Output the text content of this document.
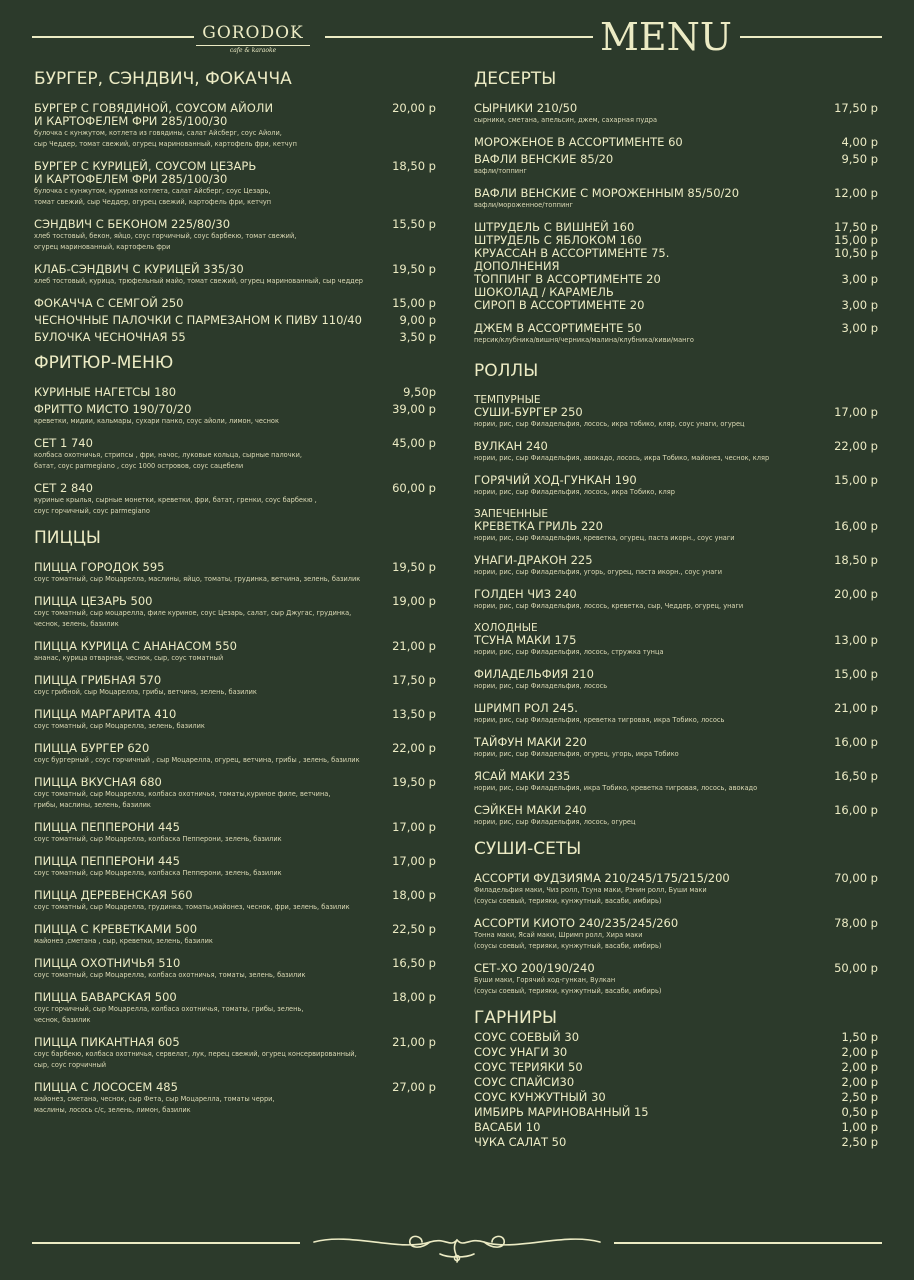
GORODOK
cafe & karaoke	MENU
БУРГЕР, СЭНДВИЧ, ФОКАЧЧА
БУРГЕР С ГОВЯДИНОЙ, СОУСОМ АЙОЛИ
И КАРТОФЕЛЕМ ФРИ 285/100/30
20,00 р
булочка с кунжутом, котлета из говядины, салат Айсберг, соус Айоли,
сыр Чеддер, томат свежий, огурец маринованный, картофель фри, кетчуп
БУРГЕР С КУРИЦЕЙ, СОУСОМ ЦЕЗАРЬ
И КАРТОФЕЛЕМ ФРИ 285/100/30
18,50 р
булочка с кунжутом, куриная котлета, салат Айсберг, соус Цезарь,
томат свежий, сыр Чеддер, огурец свежий, картофель фри, кетчуп
СЭНДВИЧ С БЕКОНОМ 225/80/30	15,50 р
хлеб тостовый, бекон, яйцо, соус горчичный, соус барбекю, томат свежий,
огурец маринованный, картофель фри
КЛАБ-СЭНДВИЧ С КУРИЦЕЙ 335/30	19,50 р
хлеб тостовый, курица, трюфельный майо, томат свежий, огурец маринованный, сыр чеддер
ФОКАЧЧА С СЕМГОЙ 250	15,00 р
ЧЕСНОЧНЫЕ ПАЛОЧКИ С ПАРМЕЗАНОМ К ПИВУ 110/40	9,00 р
БУЛОЧКА ЧЕСНОЧНАЯ 55	3,50 р
ФРИТЮР-МЕНЮ
КУРИНЫЕ НАГЕТСЫ 180	9,50р
ФРИТТО МИСТО 190/70/20	39,00 р
креветки, мидии, кальмары, сухари панко, соус айоли, лимон, чеснок
СЕТ 1 740	45,00 р
колбаса охотничья, стрипсы , фри, начос, луковые кольца, сырные палочки,
батат, соус parmegiano , соус 1000 островов, соус сацебели
СЕТ 2 840	60,00 р
куриные крылья, сырные монетки, креветки, фри, батат, гренки, соус барбекю ,
соус горчичный, соус parmegiano
ПИЦЦЫ
ПИЦЦА ГОРОДОК 595	19,50 р
соус томатный, сыр Моцарелла, маслины, яйцо, томаты, грудинка, ветчина, зелень, базилик
ПИЦЦА ЦЕЗАРЬ 500	19,00 р
соус томатный, сыр моцарелла, филе куриное, соус Цезарь, салат, сыр Джугас, грудинка,
чеснок, зелень, базилик
ПИЦЦА КУРИЦА С АНАНАСОМ 550	21,00 р
ананас, курица отварная, чеснок, сыр, соус томатный
ПИЦЦА ГРИБНАЯ 570	17,50 р
соус грибной, сыр Моцарелла, грибы, ветчина, зелень, базилик
ПИЦЦА МАРГАРИТА 410	13,50 р
соус томатный, сыр Моцарелла, зелень, базилик
ПИЦЦА БУРГЕР 620	22,00 р
соус бургерный , соус горчичный , сыр Моцарелла, огурец, ветчина, грибы , зелень, базилик
ПИЦЦА ВКУСНАЯ 680	19,50 р
соус томатный, сыр Моцарелла, колбаса охотничья, томаты,куриное филе, ветчина,
грибы, маслины, зелень, базилик
ПИЦЦА ПЕППЕРОНИ 445	17,00 р
соус томатный, сыр Моцарелла, колбаска Пепперони, зелень, базилик
ПИЦЦА ПЕППЕРОНИ 445	17,00 р
соус томатный, сыр Моцарелла, колбаска Пепперони, зелень, базилик
ПИЦЦА ДЕРЕВЕНСКАЯ 560	18,00 р
соус томатный, сыр Моцарелла, грудинка, томаты,майонез, чеснок, фри, зелень, базилик
ПИЦЦА С КРЕВЕТКАМИ 500	22,50 р
майонез ,сметана , сыр, креветки, зелень, базилик
ПИЦЦА ОХОТНИЧЬЯ 510	16,50 р
соус томатный, сыр Моцарелла, колбаса охотничья, томаты, зелень, базилик
ПИЦЦА БАВАРСКАЯ 500	18,00 р
соус горчичный, сыр Моцарелла, колбаса охотничья, томаты, грибы, зелень,
чеснок, базилик
ПИЦЦА ПИКАНТНАЯ 605	21,00 р
соус барбекю, колбаса охотничья, сервелат, лук, перец свежий, огурец консервированный,
сыр, соус горчичный
ПИЦЦА С ЛОСОСЕМ 485	27,00 р
майонез, сметана, чеснок, сыр Фета, сыр Моцарелла, томаты черри,
маслины, лосось с/с, зелень, лимон, базилик
ДЕСЕРТЫ
СЫРНИКИ 210/50	17,50 р
сырники, сметана, апельсин, джем, сахарная пудра
МОРОЖЕНОЕ В АССОРТИМЕНТЕ 60	4,00 р
ВАФЛИ ВЕНСКИЕ 85/20	9,50 р
вафли/топпинг
ВАФЛИ ВЕНСКИЕ С МОРОЖЕННЫМ 85/50/20	12,00 р
вафли/мороженное/топпинг
ШТРУДЕЛЬ С ВИШНЕЙ 160	17,50 р
ШТРУДЕЛЬ С ЯБЛОКОМ 160	15,00 р
КРУАССАН В АССОРТИМЕНТЕ 75.	10,50 р
ДОПОЛНЕНИЯ
ТОППИНГ В АССОРТИМЕНТЕ 20	3,00 р
ШОКОЛАД / КАРАМЕЛЬ
СИРОП В АССОРТИМЕНТЕ 20	3,00 р
ДЖЕМ В АССОРТИМЕНТЕ 50	3,00 р
персик/клубника/вишня/черника/малина/клубника/киви/манго
РОЛЛЫ
ТЕМПУРНЫЕ
СУШИ-БУРГЕР 250	17,00 р
нории, рис, сыр Филадельфия, лосось, икра тобико, кляр, соус унаги, огурец
ВУЛКАН 240	22,00 р
нории, рис, сыр Филадельфия, авокадо, лосось, икра Тобико, майонез, чеснок, кляр
ГОРЯЧИЙ ХОД-ГУНКАН 190	15,00 р
нории, рис, сыр Филадельфия, лосось, икра Тобико, кляр
ЗАПЕЧЕННЫЕ
КРЕВЕТКА ГРИЛЬ 220	16,00 р
нории, рис, сыр Филадельфия, креветка, огурец, паста икорн., соус унаги
УНАГИ-ДРАКОН 225	18,50 р
нории, рис, сыр Филадельфия, угорь, огурец, паста икорн., соус унаги
ГОЛДЕН ЧИЗ 240	20,00 р
нории, рис, сыр Филадельфия, лосось, креветка, сыр, Чеддер, огурец, унаги
ХОЛОДНЫЕ
ТСУНА МАКИ 175	13,00 р
нории, рис, сыр Филадельфия, лосось, стружка тунца
ФИЛАДЕЛЬФИЯ 210	15,00 р
нории, рис, сыр Филадельфия, лосось
ШРИМП РОЛ 245.	21,00 р
нории, рис, сыр Филадельфия, креветка тигровая, икра Тобико, лосось
ТАЙФУН МАКИ 220	16,00 р
нории, рис, сыр Филадельфия, огурец, угорь, икра Тобико
ЯСАЙ МАКИ 235	16,50 р
нории, рис, сыр Филадельфия, икра Тобико, креветка тигровая, лосось, авокадо
СЭЙКЕН МАКИ 240	16,00 р
нории, рис, сыр Филадельфия, лосось, огурец
СУШИ-СЕТЫ
АССОРТИ ФУДЗИЯМА 210/245/175/215/200	70,00 р
Филадельфия маки, Чиз ролл, Тсуна маки, Рэнин ролл, Буши маки
(соусы соевый, терияки, кунжутный, васаби, имбирь)
АССОРТИ КИОТО 240/235/245/260	78,00 р
Тонна маки, Ясай маки, Шримп ролл, Хира маки
(соусы соевый, терияки, кунжутный, васаби, имбирь)
СЕТ-ХО 200/190/240	50,00 р
Буши маки, Горячий ход-гункан, Вулкан
(соусы соевый, терияки, кунжутный, васаби, имбирь)
ГАРНИРЫ
СОУС СОЕВЫЙ 30	1,50 р
СОУС УНАГИ 30	2,00 р
СОУС ТЕРИЯКИ 50	2,00 р
СОУС СПАЙСИ30	2,00 р
СОУС КУНЖУТНЫЙ 30	2,50 р
ИМБИРЬ МАРИНОВАННЫЙ 15	0,50 р
ВАСАБИ 10	1,00 р
ЧУКА САЛАТ 50	2,50 р
